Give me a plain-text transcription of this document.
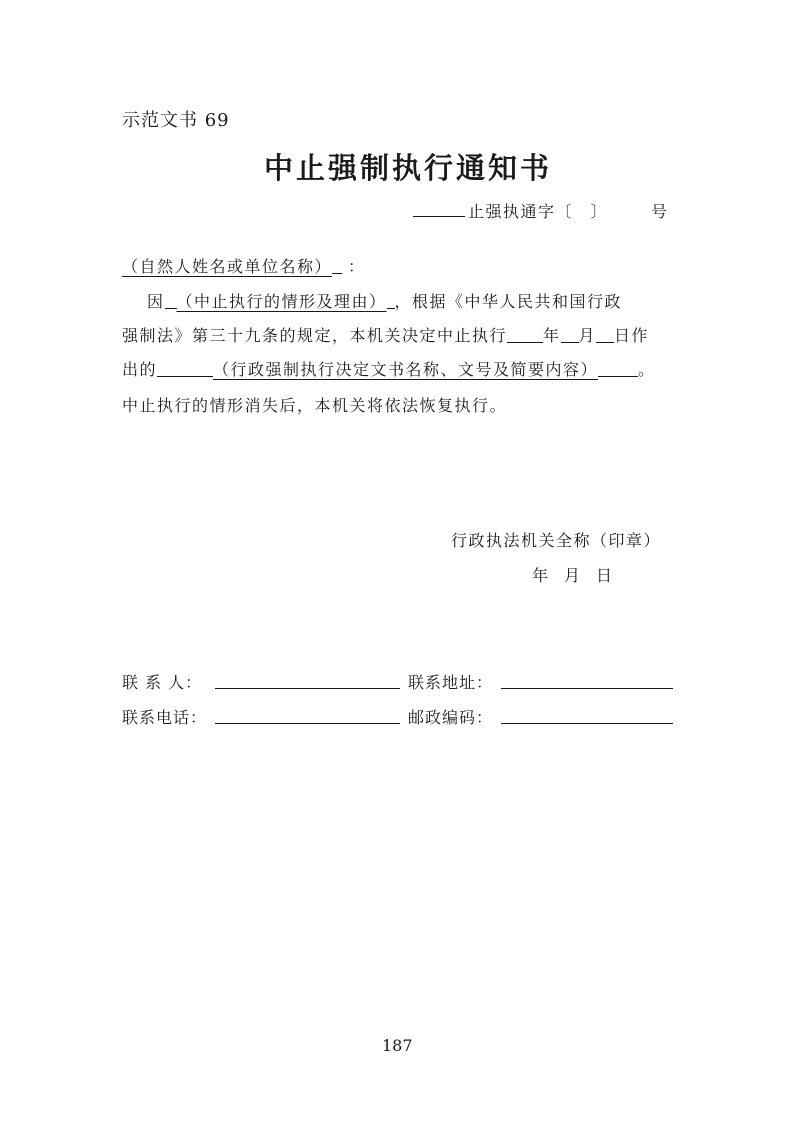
示范文书 69
中止强制执行通知书
止强执通字〔　〕	号
（自然人姓名或单位名称） ：
因 （中止执行的情形及理由） ，根据《中华人民共和国行政
强制法》第三十九条的规定，本机关决定中止执行 年 月 日作
出的	（行政强制执行决定文书名称、文号及简要内容）	。
中止执行的情形消失后，本机关将依法恢复执行。
行政执法机关全称（印章）
年　月　日
联 系 人：	联系地址：
联系电话：	邮政编码：
187
